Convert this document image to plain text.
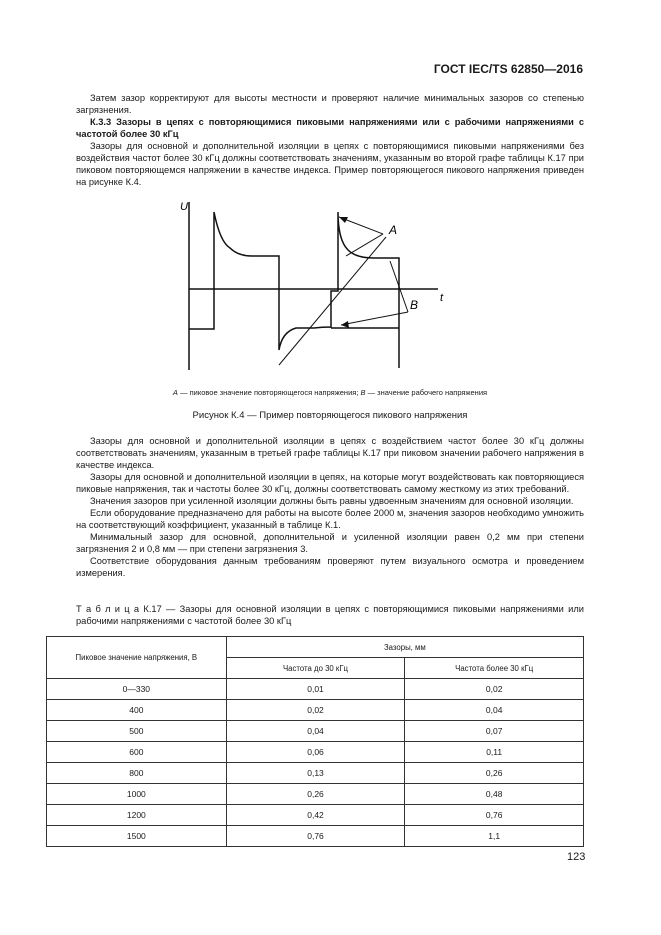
ГОСТ IEC/TS 62850—2016

Затем зазор корректируют для высоты местности и проверяют наличие минимальных зазоров со степенью загрязнения.

К.3.3 Зазоры в цепях с повторяющимися пиковыми напряжениями или с рабочими напряжениями с частотой более 30 кГц

Зазоры для основной и дополнительной изоляции в цепях с повторяющимися пиковыми напряжениями без воздействия частот более 30 кГц должны соответствовать значениям, указанным во второй графе таблицы К.17 при пиковом повторяющемся напряжении в качестве индекса. Пример повторяющегося пикового напряжения приведен на рисунке К.4.

U
t
A
B
A — пиковое значение повторяющегося напряжения; B — значение рабочего напряжения
Рисунок К.4 — Пример повторяющегося пикового напряжения

Зазоры для основной и дополнительной изоляции в цепях с воздействием частот более 30 кГц должны соответствовать значениям, указанным в третьей графе таблицы К.17 при пиковом значении рабочего напряжения в качестве индекса.

Зазоры для основной и дополнительной изоляции в цепях, на которые могут воздействовать как повторяющиеся пиковые напряжения, так и частоты более 30 кГц, должны соответствовать самому жесткому из этих требований.

Значения зазоров при усиленной изоляции должны быть равны удвоенным значениям для основной изоляции.

Если оборудование предназначено для работы на высоте более 2000 м, значения зазоров необходимо умножить на соответствующий коэффициент, указанный в таблице К.1.

Минимальный зазор для основной, дополнительной и усиленной изоляции равен 0,2 мм при степени загрязнения 2 и 0,8 мм — при степени загрязнения 3.

Соответствие оборудования данным требованиям проверяют путем визуального осмотра и проведением измерения.

Т а б л и ц а К.17 — Зазоры для основной изоляции в цепях с повторяющимися пиковыми напряжениями или рабочими напряжениями с частотой более 30 кГц
Пиковое значение напряжения, В	Зазоры, мм	
	Частота до 30 кГц	Частота более 30 кГц
0—330	0,01	0,02
400	0,02	0,04
500	0,04	0,07
600	0,06	0,11
800	0,13	0,26
1000	0,26	0,48
1200	0,42	0,76
1500	0,76	1,1
123
